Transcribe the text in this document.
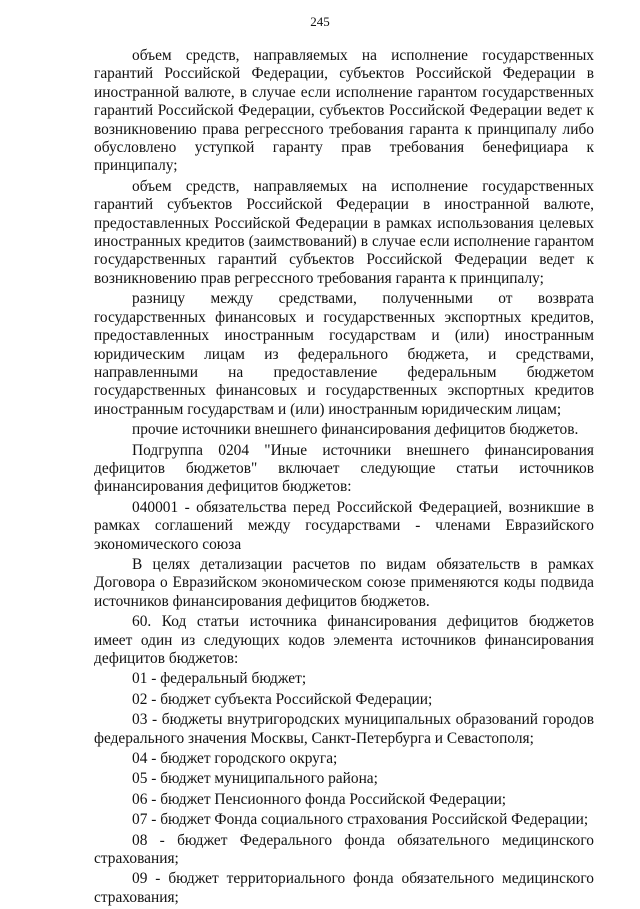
245

объем средств, направляемых на исполнение государственных гарантий Российской Федерации, субъектов Российской Федерации в иностранной валюте, в случае если исполнение гарантом государственных гарантий Российской Федерации, субъектов Российской Федерации ведет к возникновению права регрессного требования гаранта к принципалу либо обусловлено уступкой гаранту прав требования бенефициара к принципалу;

объем средств, направляемых на исполнение государственных гарантий субъектов Российской Федерации в иностранной валюте, предоставленных Российской Федерации в рамках использования целевых иностранных кредитов (заимствований) в случае если исполнение гарантом государственных гарантий субъектов Российской Федерации ведет к возникновению прав регрессного требования гаранта к принципалу;

разницу между средствами, полученными от возврата государственных финансовых и государственных экспортных кредитов, предоставленных иностранным государствам и (или) иностранным юридическим лицам из федерального бюджета, и средствами, направленными на предоставление федеральным бюджетом государственных финансовых и государственных экспортных кредитов иностранным государствам и (или) иностранным юридическим лицам;

прочие источники внешнего финансирования дефицитов бюджетов.

Подгруппа 0204 "Иные источники внешнего финансирования дефицитов бюджетов" включает следующие статьи источников финансирования дефицитов бюджетов:

040001 - обязательства перед Российской Федерацией, возникшие в рамках соглашений между государствами - членами Евразийского экономического союза

В целях детализации расчетов по видам обязательств в рамках Договора о Евразийском экономическом союзе применяются коды подвида источников финансирования дефицитов бюджетов.

60. Код статьи источника финансирования дефицитов бюджетов имеет один из следующих кодов элемента источников финансирования дефицитов бюджетов:

01 - федеральный бюджет;

02 - бюджет субъекта Российской Федерации;

03 - бюджеты внутригородских муниципальных образований городов федерального значения Москвы, Санкт-Петербурга и Севастополя;

04 - бюджет городского округа;

05 - бюджет муниципального района;

06 - бюджет Пенсионного фонда Российской Федерации;

07 - бюджет Фонда социального страхования Российской Федерации;

08 - бюджет Федерального фонда обязательного медицинского страхования;

09 - бюджет территориального фонда обязательного медицинского страхования;
